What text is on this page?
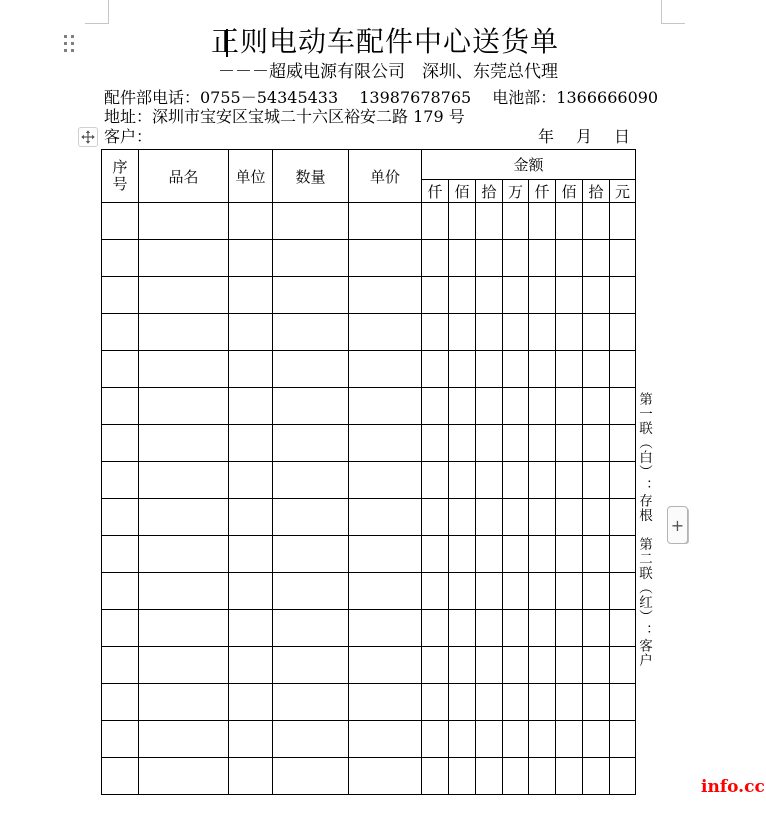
正则电动车配件中心送货单
－－－超威电源有限公司　深圳、东莞总代理
配件部电话：0755－54345433　 13987678765　 电池部：1366666090
地址：深圳市宝安区宝城二十六区裕安二路 179 号
客户：	年　月　日
序号	品名	单位	数量	单价	金额							
					仟	佰	拾	万	仟	佰	拾	元

第一联（白）：存根　第二联（红）：客户 +
info.cc
